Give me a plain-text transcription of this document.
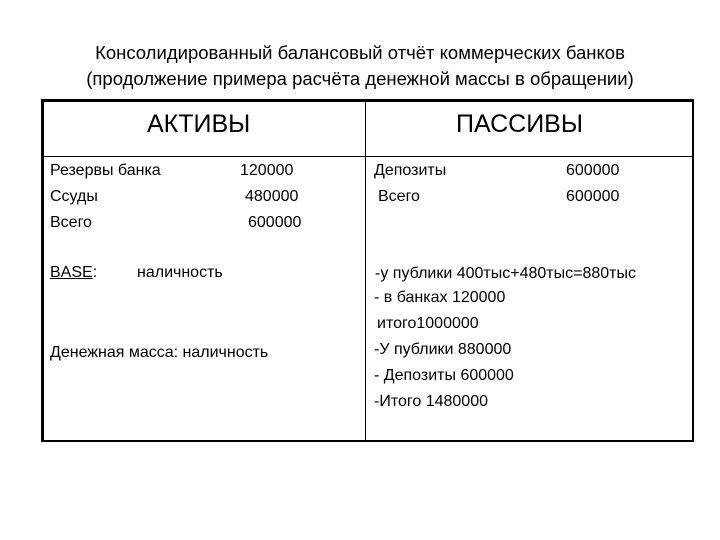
Консолидированный балансовый отчёт коммерческих банков
(продолжение примера расчёта денежной массы в обращении)
АКТИВЫ	ПАССИВЫ
Резервы банка	120000
Ссуды	480000
Всего	600000
BASE: наличность
Денежная масса: наличность
Депозиты	600000
Всего	600000
-у публики 400тыс+480тыс=880тыс
- в банках 120000
итого1000000
-У публики 880000
- Депозиты 600000
-Итого 1480000
